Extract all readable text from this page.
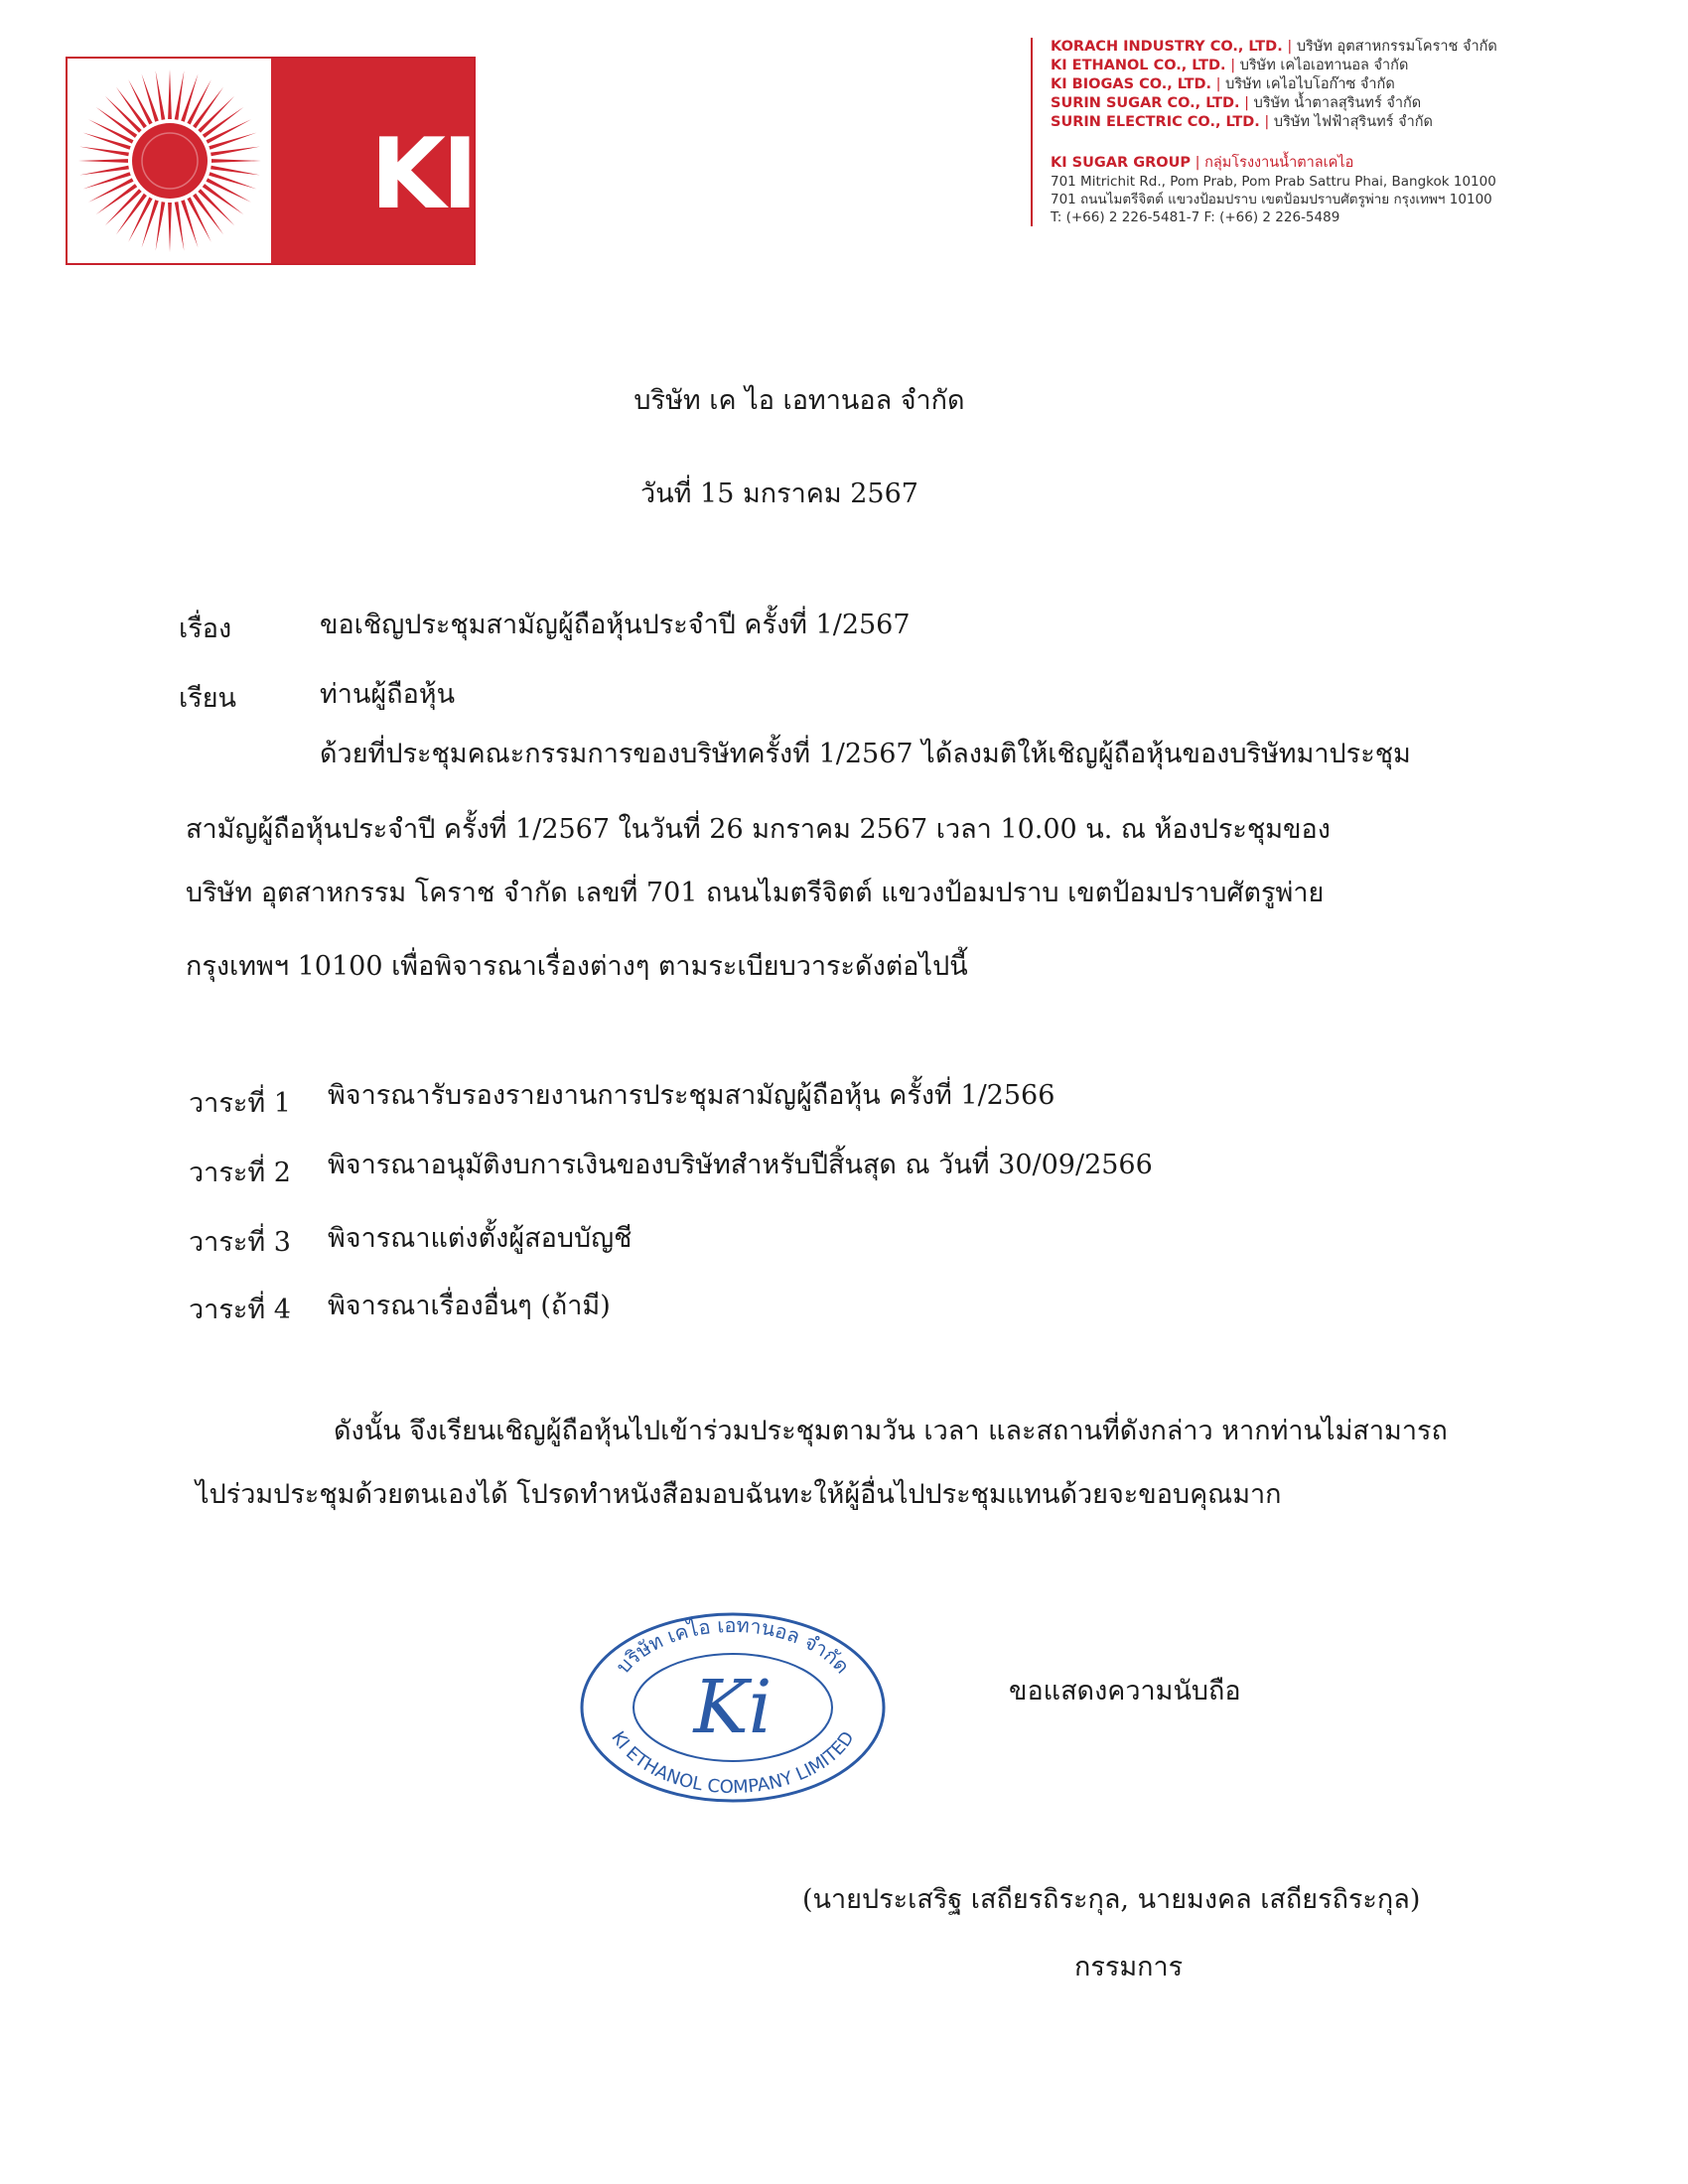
KI
SUGAR GROUP
KORACH INDUSTRY CO., LTD. | บริษัท อุตสาหกรรมโคราช จำกัด
KI ETHANOL CO., LTD. | บริษัท เคไอเอทานอล จำกัด
KI BIOGAS CO., LTD. | บริษัท เคไอไบโอก๊าซ จำกัด
SURIN SUGAR CO., LTD. | บริษัท น้ำตาลสุรินทร์ จำกัด
SURIN ELECTRIC CO., LTD. | บริษัท ไฟฟ้าสุรินทร์ จำกัด
KI SUGAR GROUP | กลุ่มโรงงานน้ำตาลเคไอ
701 Mitrichit Rd., Pom Prab, Pom Prab Sattru Phai, Bangkok 10100
701 ถนนไมตรีจิตต์ แขวงป้อมปราบ เขตป้อมปราบศัตรูพ่าย กรุงเทพฯ 10100
T: (+66) 2 226-5481-7 F: (+66) 2 226-5489
บริษัท เค ไอ เอทานอล จำกัด
วันที่ 15 มกราคม 2567
เรื่อง	ขอเชิญประชุมสามัญผู้ถือหุ้นประจำปี ครั้งที่ 1/2567
เรียน	ท่านผู้ถือหุ้น
ด้วยที่ประชุมคณะกรรมการของบริษัทครั้งที่ 1/2567 ได้ลงมติให้เชิญผู้ถือหุ้นของบริษัทมาประชุม
สามัญผู้ถือหุ้นประจำปี ครั้งที่ 1/2567 ในวันที่ 26 มกราคม 2567 เวลา 10.00 น. ณ ห้องประชุมของ
บริษัท อุตสาหกรรม โคราช จำกัด เลขที่ 701 ถนนไมตรีจิตต์ แขวงป้อมปราบ เขตป้อมปราบศัตรูพ่าย
กรุงเทพฯ 10100 เพื่อพิจารณาเรื่องต่างๆ ตามระเบียบวาระดังต่อไปนี้
วาระที่ 1 พิจารณารับรองรายงานการประชุมสามัญผู้ถือหุ้น ครั้งที่ 1/2566
วาระที่ 2 พิจารณาอนุมัติงบการเงินของบริษัทสำหรับปีสิ้นสุด ณ วันที่ 30/09/2566
วาระที่ 3 พิจารณาแต่งตั้งผู้สอบบัญชี
วาระที่ 4 พิจารณาเรื่องอื่นๆ (ถ้ามี)
ดังนั้น จึงเรียนเชิญผู้ถือหุ้นไปเข้าร่วมประชุมตามวัน เวลา และสถานที่ดังกล่าว หากท่านไม่สามารถ
ไปร่วมประชุมด้วยตนเองได้ โปรดทำหนังสือมอบฉันทะให้ผู้อื่นไปประชุมแทนด้วยจะขอบคุณมาก
บริษัท เคไอ เอทานอล จำกัด
KI ETHANOL COMPANY LIMITED
Ki	ขอแสดงความนับถือ
(นายประเสริฐ เสถียรถิระกุล, นายมงคล เสถียรถิระกุล)
กรรมการ
